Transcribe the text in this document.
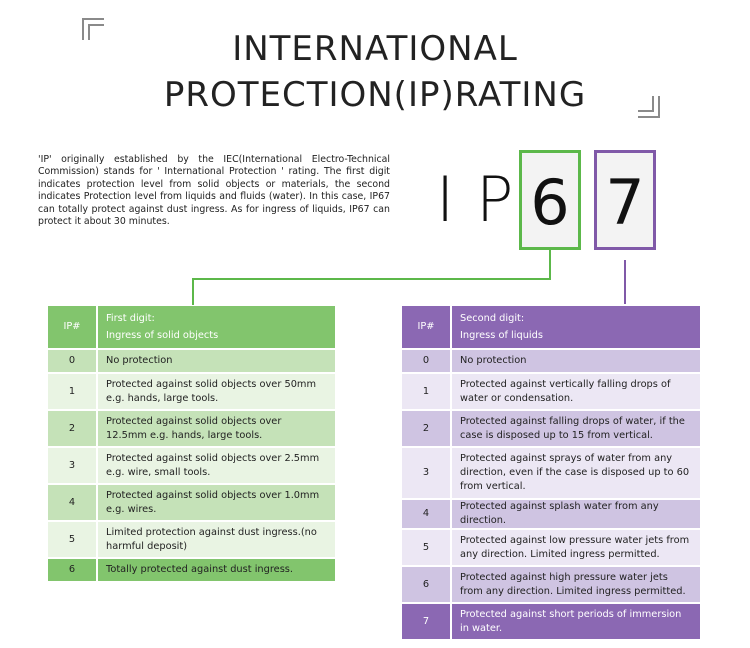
INTERNATIONAL
PROTECTION(IP)RATING

'IP' originally established by the IEC(International Electro-Technical Commission) stands for ' International Protection ' rating. The first digit indicates protection level from solid objects or materials, the second indicates Protection level from liquids and fluids (water). In this case, IP67 can totally protect against dust ingress. As for ingress of liquids, IP67 can protect it about 30 minutes.	I P 6 7
IP#	First digit:
Ingress of solid objects

0	No protection
1	Protected against solid objects over 50mm e.g. hands, large tools.
2	Protected against solid objects over 12.5mm e.g. hands, large tools.
3	Protected against solid objects over 2.5mm e.g. wire, small tools.
4	Protected against solid objects over 1.0mm e.g. wires.
5	Limited protection against dust ingress.(no harmful deposit)
6	Totally protected against dust ingress.
IP#	Second digit:
Ingress of liquids

0	No protection
1	Protected against vertically falling drops of water or condensation.
2	Protected against falling drops of water, if the case is disposed up to 15 from vertical.
3	Protected against sprays of water from any direction, even if the case is disposed up to 60 from vertical.
4	Protected against splash water from any direction.
5	Protected against low pressure water jets from any direction. Limited ingress permitted.
6	Protected against high pressure water jets from any direction. Limited ingress permitted.
7	Protected against short periods of immersion in water.
